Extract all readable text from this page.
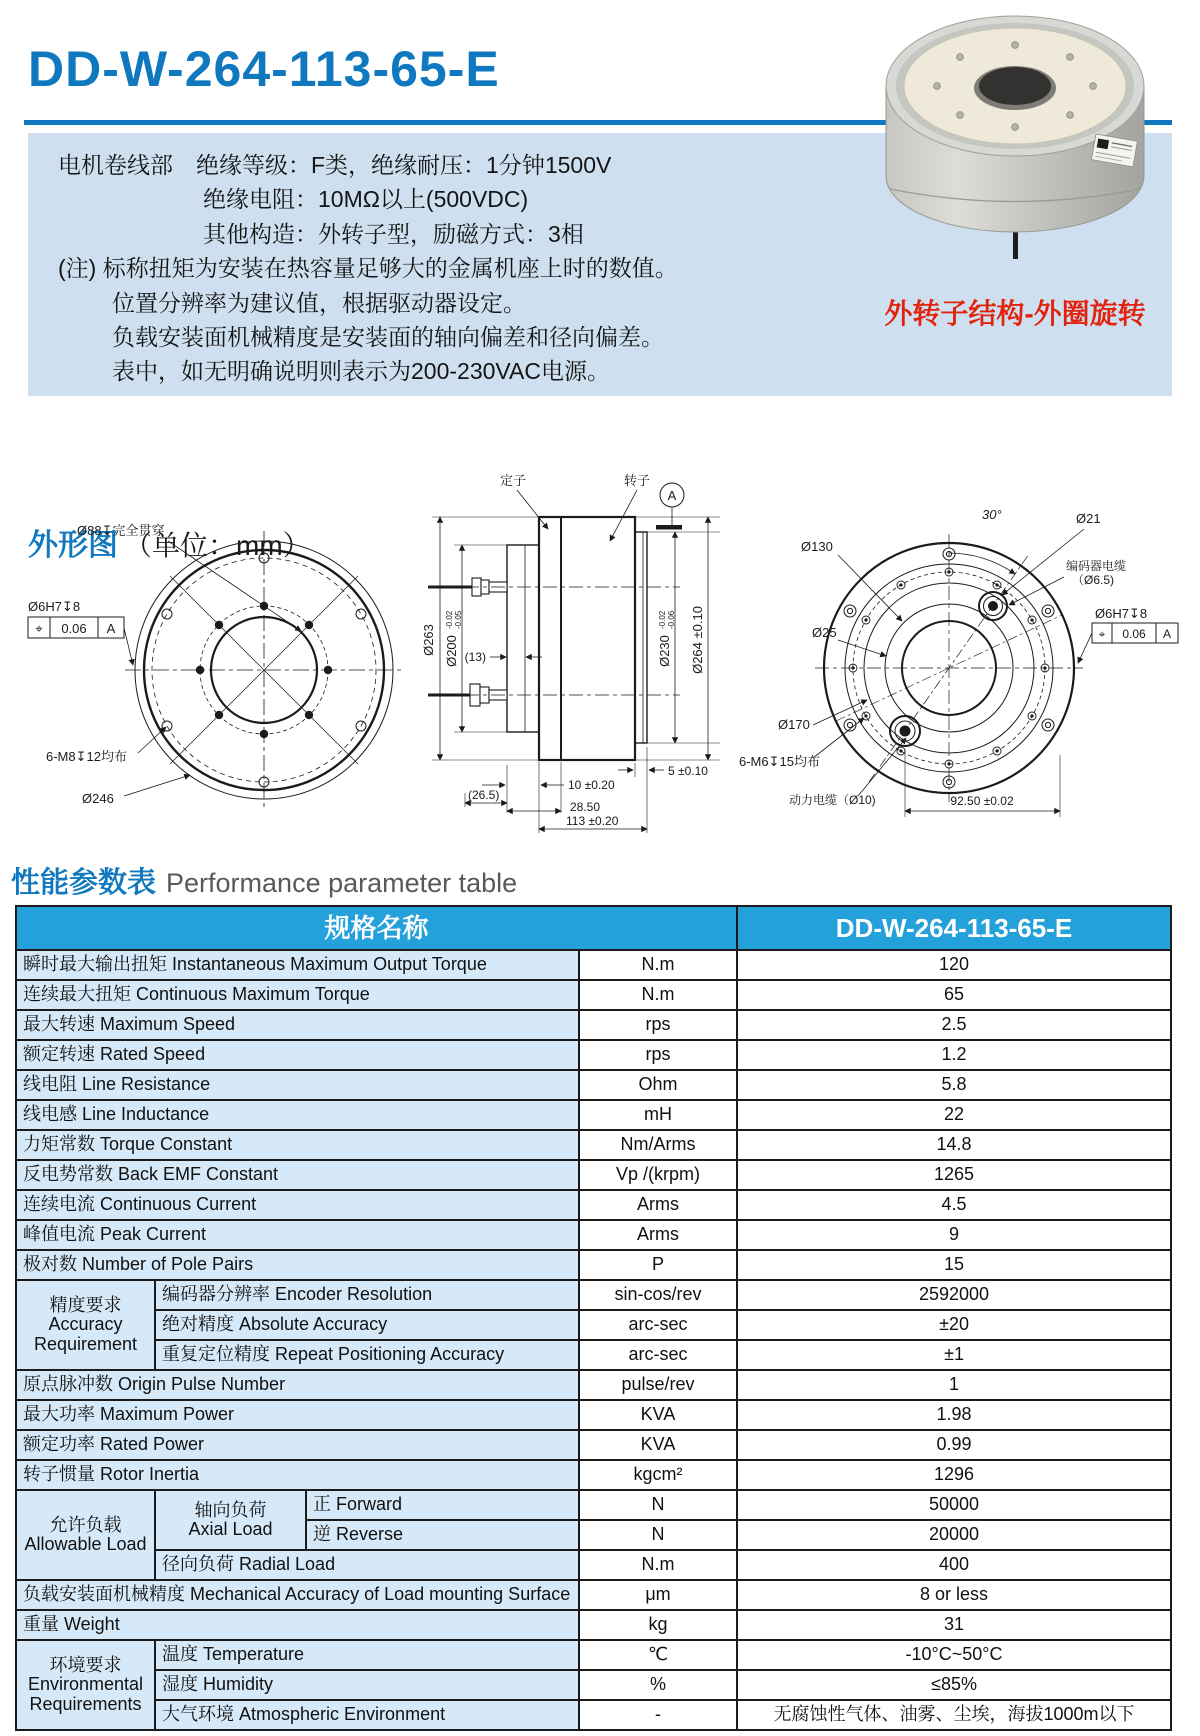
DD-W-264-113-65-E
电机卷线部　绝缘等级：F类，绝缘耐压：1分钟1500V
绝缘电阻：10MΩ以上(500VDC)
其他构造：外转子型，励磁方式：3相
(注) 标称扭矩为安装在热容量足够大的金属机座上时的数值。
位置分辨率为建议值，根据驱动器设定。
负载安装面机械精度是安装面的轴向偏差和径向偏差。
表中，如无明确说明则表示为200-230VAC电源。
外转子结构-外圈旋转
外形图 （单位：mm）
Ø88↧完全贯穿
Ø6H7↧8
⌖ 0.06 A
6-M8↧12均布
Ø246
定子	转子
A
Ø263 Ø200
-0.02 -0.05
(13)	Ø230
-0.02 -0.06 Ø264 ±0.10
5 ±0.10
10 ±0.20
(26.5)
28.50
113 ±0.20
30°	Ø21
Ø130
编码器电缆
（Ø6.5)
Ø25
Ø6H7↧8
⌖ 0.06 A
Ø170
6-M6↧15均布
动力电缆（Ø10)	92.50 ±0.02
性能参数表 Performance parameter table
规格名称				DD-W-264-113-65-E
瞬时最大输出扭矩 Instantaneous Maximum Output Torque			N.m	120
连续最大扭矩 Continuous Maximum Torque			N.m	65
最大转速 Maximum Speed			rps	2.5
额定转速 Rated Speed			rps	1.2
线电阻 Line Resistance			Ohm	5.8
线电感 Line Inductance			mH	22
力矩常数 Torque Constant			Nm/Arms	14.8
反电势常数 Back EMF Constant			Vp /(krpm)	1265
连续电流 Continuous Current			Arms	4.5
峰值电流 Peak Current			Arms	9
极对数 Number of Pole Pairs			P	15

精度要求
Accuracy
Requirement	编码器分辨率 Encoder Resolution		sin-cos/rev	2592000
	绝对精度 Absolute Accuracy		arc-sec	±20
	重复定位精度 Repeat Positioning Accuracy		arc-sec	±1
原点脉冲数 Origin Pulse Number			pulse/rev	1
最大功率 Maximum Power			KVA	1.98
额定功率 Rated Power			KVA	0.99
转子惯量 Rotor Inertia			kgcm²	1296

允许负载
Allowable Load

轴向负荷
Axial Load
	正 Forward	N	50000
		逆 Reverse	N	20000
	径向负荷 Radial Load		N.m	400
负载安装面机械精度 Mechanical Accuracy of Load mounting Surface			μm	8 or less
重量 Weight			kg	31

环境要求
Environmental
Requirements	温度 Temperature		℃	-10°C~50°C
	湿度 Humidity		%	≤85%
	大气环境 Atmospheric Environment		-	无腐蚀性气体、油雾、尘埃，海拔1000m以下
